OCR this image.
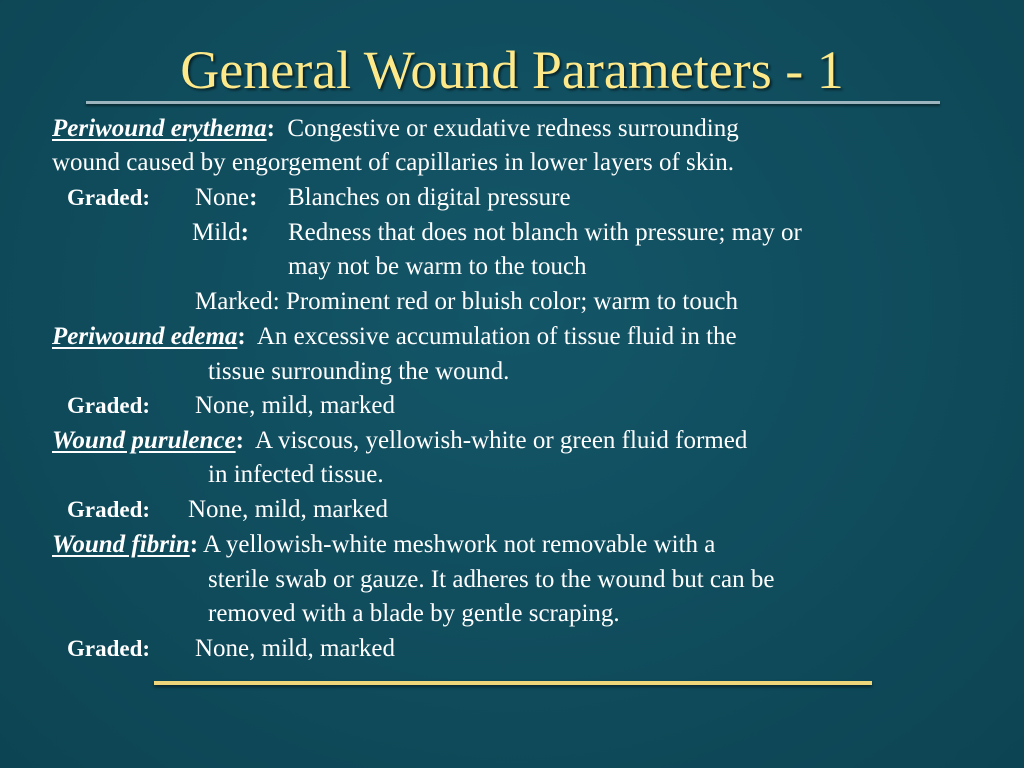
General Wound Parameters - 1
Periwound erythema:  Congestive or exudative redness surrounding
wound caused by engorgement of capillaries in lower layers of skin.
Graded: None: Blanches on digital pressure
Mild: Redness that does not blanch with pressure; may or
may not be warm to the touch
Marked: Prominent red or bluish color; warm to touch
Periwound edema:  An excessive accumulation of tissue fluid in the
tissue surrounding the wound.
Graded: None, mild, marked
Wound purulence:  A viscous, yellowish-white or green fluid formed
in infected tissue.
Graded: None, mild, marked
Wound fibrin: A yellowish-white meshwork not removable with a
sterile swab or gauze. It adheres to the wound but can be
removed with a blade by gentle scraping.
Graded: None, mild, marked
